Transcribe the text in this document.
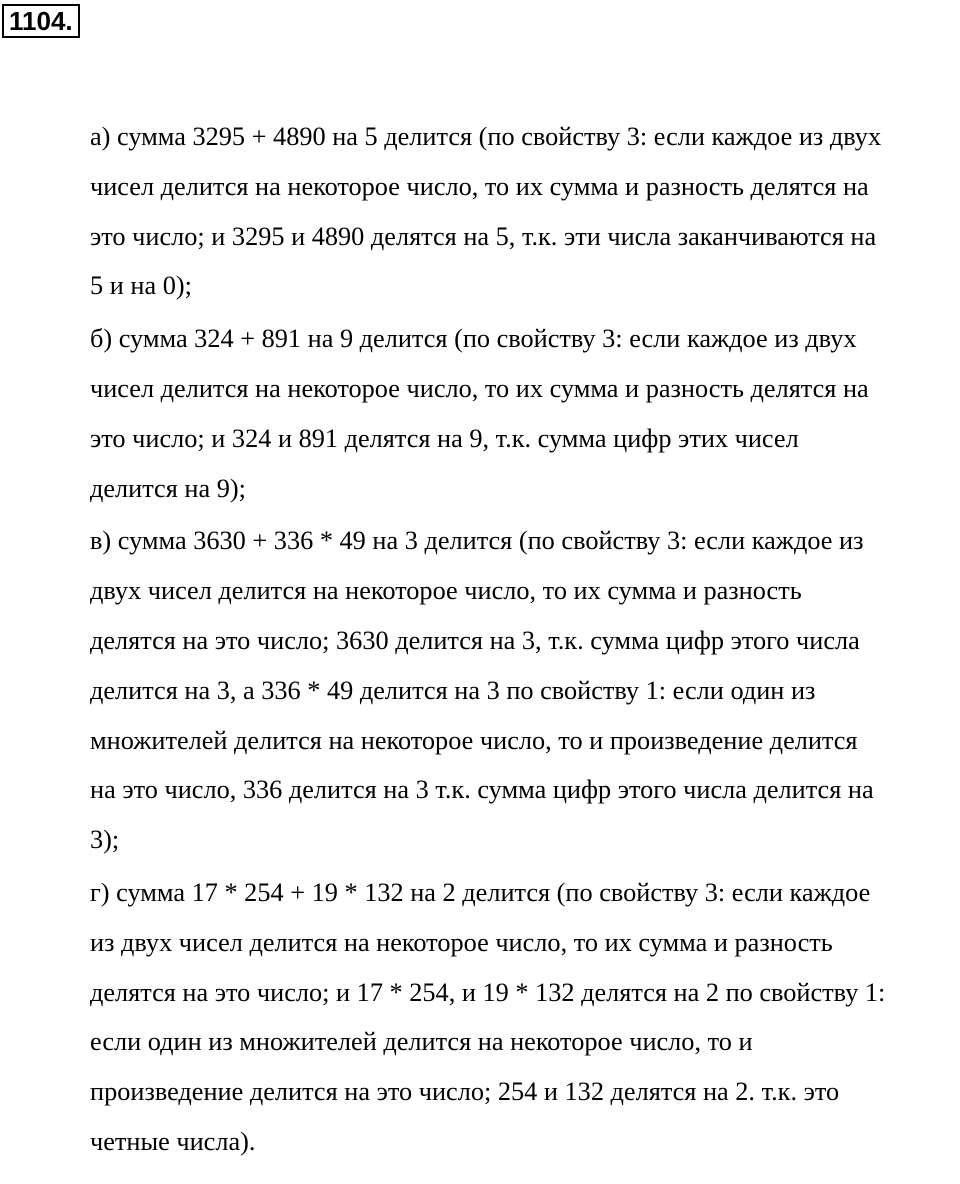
1104.
а) сумма 3295 + 4890 на 5 делится (по свойству 3: если каждое из двух
чисел делится на некоторое число, то их сумма и разность делятся на
это число; и 3295 и 4890 делятся на 5, т.к. эти числа заканчиваются на
5 и на 0);
б) сумма 324 + 891 на 9 делится (по свойству 3: если каждое из двух
чисел делится на некоторое число, то их сумма и разность делятся на
это число; и 324 и 891 делятся на 9, т.к. сумма цифр этих чисел
делится на 9);
в) сумма 3630 + 336 * 49 на 3 делится (по свойству 3: если каждое из
двух чисел делится на некоторое число, то их сумма и разность
делятся на это число; 3630 делится на 3, т.к. сумма цифр этого числа
делится на 3, а 336 * 49 делится на 3 по свойству 1: если один из
множителей делится на некоторое число, то и произведение делится
на это число, 336 делится на 3 т.к. сумма цифр этого числа делится на
3);
г) сумма 17 * 254 + 19 * 132 на 2 делится (по свойству 3: если каждое
из двух чисел делится на некоторое число, то их сумма и разность
делятся на это число; и 17 * 254, и 19 * 132 делятся на 2 по свойству 1:
если один из множителей делится на некоторое число, то и
произведение делится на это число; 254 и 132 делятся на 2. т.к. это
четные числа).
